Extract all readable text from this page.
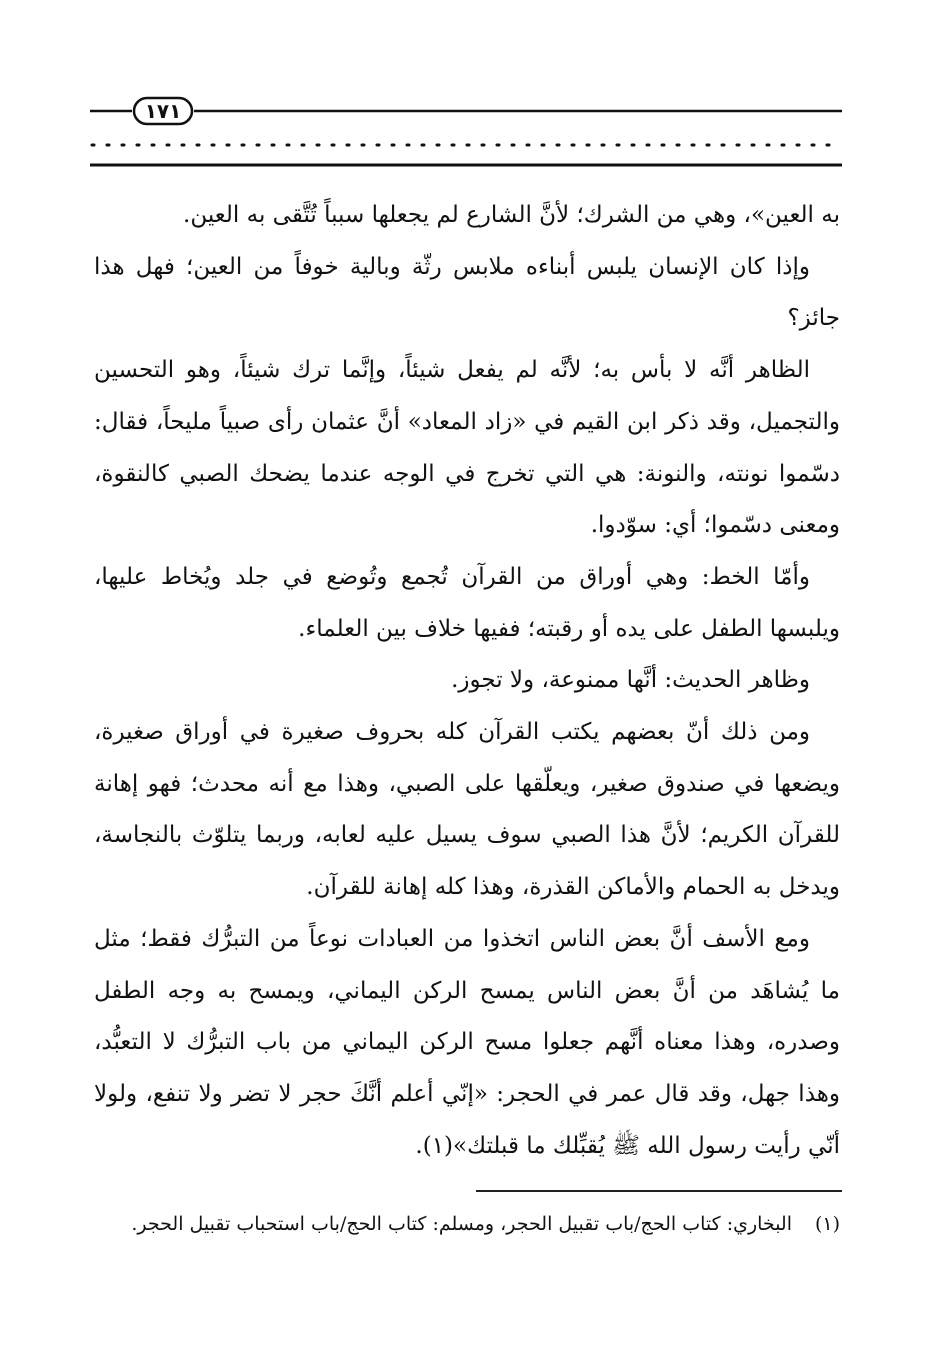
١٧١

به العين»، وهي من الشرك؛ لأنَّ الشارع لم يجعلها سبباً تُتَّقى به العين.

وإذا كان الإنسان يلبس أبناءه ملابس رثّة وبالية خوفاً من العين؛ فهل هذا جائز؟

الظاهر أنَّه لا بأس به؛ لأنَّه لم يفعل شيئاً، وإنَّما ترك شيئاً، وهو التحسين والتجميل، وقد ذكر ابن القيم في «زاد المعاد» أنَّ عثمان رأى صبياً مليحاً، فقال: دسّموا نونته، والنونة: هي التي تخرج في الوجه عندما يضحك الصبي كالنقوة، ومعنى دسّموا؛ أي: سوّدوا.

وأمّا الخط: وهي أوراق من القرآن تُجمع وتُوضع في جلد ويُخاط عليها، ويلبسها الطفل على يده أو رقبته؛ ففيها خلاف بين العلماء.

وظاهر الحديث: أنَّها ممنوعة، ولا تجوز.

ومن ذلك أنّ بعضهم يكتب القرآن كله بحروف صغيرة في أوراق صغيرة، ويضعها في صندوق صغير، ويعلّقها على الصبي، وهذا مع أنه محدث؛ فهو إهانة للقرآن الكريم؛ لأنَّ هذا الصبي سوف يسيل عليه لعابه، وربما يتلوّث بالنجاسة، ويدخل به الحمام والأماكن القذرة، وهذا كله إهانة للقرآن.

ومع الأسف أنَّ بعض الناس اتخذوا من العبادات نوعاً من التبرُّك فقط؛ مثل ما يُشاهَد من أنَّ بعض الناس يمسح الركن اليماني، ويمسح به وجه الطفل وصدره، وهذا معناه أنَّهم جعلوا مسح الركن اليماني من باب التبرُّك لا التعبُّد، وهذا جهل، وقد قال عمر في الحجر: «إنّي أعلم أنَّكَ حجر لا تضر ولا تنفع، ولولا أنّي رأيت رسول الله ﷺ يُقبِّلك ما قبلتك»(١).

(١)البخاري: كتاب الحج/باب تقبيل الحجر، ومسلم: كتاب الحج/باب استحباب تقبيل الحجر.
